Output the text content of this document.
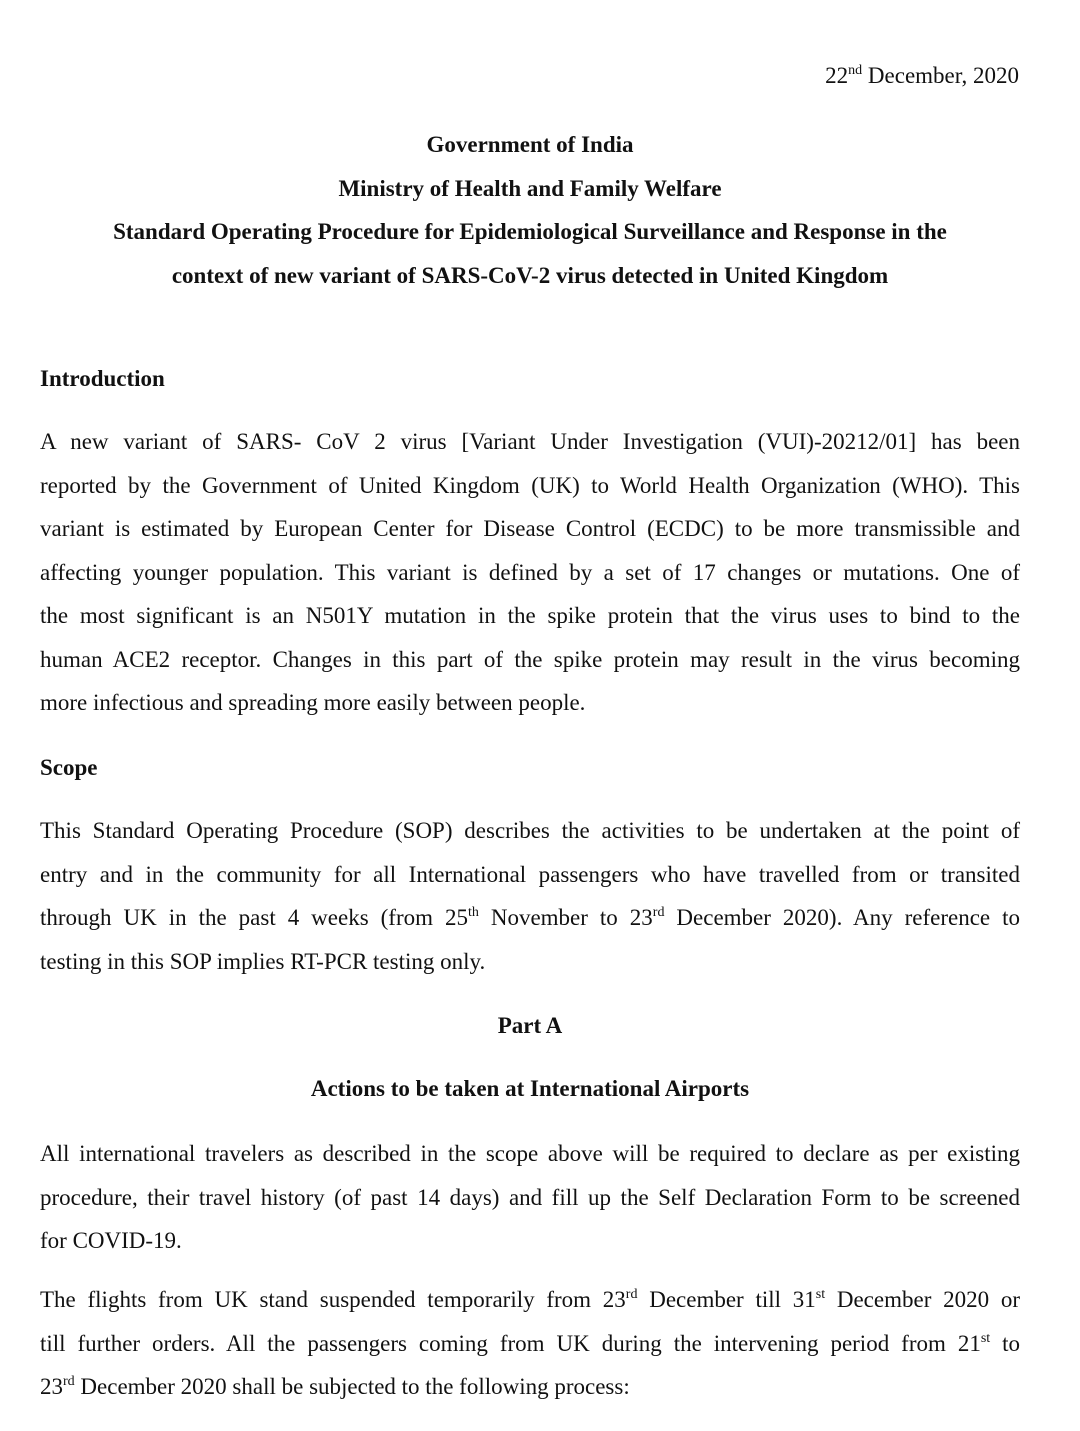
22nd December, 2020
Government of India
Ministry of Health and Family Welfare
Standard Operating Procedure for Epidemiological Surveillance and Response in the
context of new variant of SARS-CoV-2 virus detected in United Kingdom
Introduction
A new variant of SARS- CoV 2 virus [Variant Under Investigation (VUI)-20212/01] has been
reported by the Government of United Kingdom (UK) to World Health Organization (WHO). This
variant is estimated by European Center for Disease Control (ECDC) to be more transmissible and
affecting younger population. This variant is defined by a set of 17 changes or mutations. One of
the most significant is an N501Y mutation in the spike protein that the virus uses to bind to the
human ACE2 receptor. Changes in this part of the spike protein may result in the virus becoming
more infectious and spreading more easily between people.
Scope
This Standard Operating Procedure (SOP) describes the activities to be undertaken at the point of
entry and in the community for all International passengers who have travelled from or transited
through UK in the past 4 weeks (from 25th November to 23rd December 2020). Any reference to
testing in this SOP implies RT-PCR testing only.
Part A
Actions to be taken at International Airports
All international travelers as described in the scope above will be required to declare as per existing
procedure, their travel history (of past 14 days) and fill up the Self Declaration Form to be screened
for COVID-19.
The flights from UK stand suspended temporarily from 23rd December till 31st December 2020 or
till further orders. All the passengers coming from UK during the intervening period from 21st to
23rd December 2020 shall be subjected to the following process:
